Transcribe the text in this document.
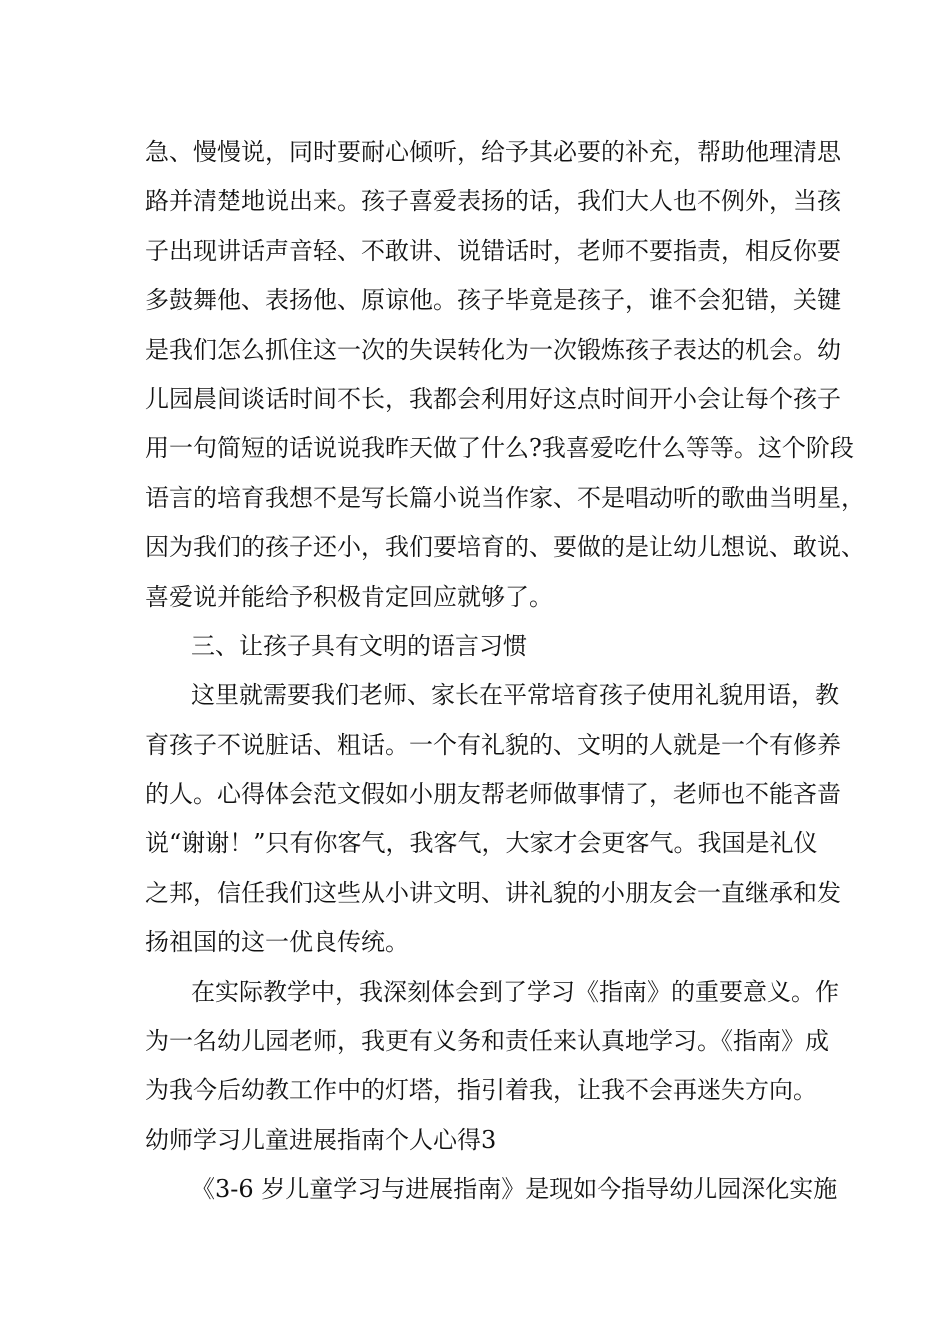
急、慢慢说，同时要耐心倾听，给予其必要的补充，帮助他理清思
路并清楚地说出来。孩子喜爱表扬的话，我们大人也不例外，当孩
子出现讲话声音轻、不敢讲、说错话时，老师不要指责，相反你要
多鼓舞他、表扬他、原谅他。孩子毕竟是孩子，谁不会犯错，关键
是我们怎么抓住这一次的失误转化为一次锻炼孩子表达的机会。幼
儿园晨间谈话时间不长，我都会利用好这点时间开小会让每个孩子
用一句简短的话说说我昨天做了什么?我喜爱吃什么等等。这个阶段
语言的培育我想不是写长篇小说当作家、不是唱动听的歌曲当明星，
因为我们的孩子还小，我们要培育的、要做的是让幼儿想说、敢说、
喜爱说并能给予积极肯定回应就够了。
三、让孩子具有文明的语言习惯
这里就需要我们老师、家长在平常培育孩子使用礼貌用语，教
育孩子不说脏话、粗话。一个有礼貌的、文明的人就是一个有修养
的人。心得体会范文假如小朋友帮老师做事情了，老师也不能吝啬
说“谢谢！”只有你客气，我客气，大家才会更客气。我国是礼仪
之邦，信任我们这些从小讲文明、讲礼貌的小朋友会一直继承和发
扬祖国的这一优良传统。
在实际教学中，我深刻体会到了学习《指南》的重要意义。作
为一名幼儿园老师，我更有义务和责任来认真地学习。《指南》成
为我今后幼教工作中的灯塔，指引着我，让我不会再迷失方向。
幼师学习儿童进展指南个人心得3
《3-6 岁儿童学习与进展指南》是现如今指导幼儿园深化实施
